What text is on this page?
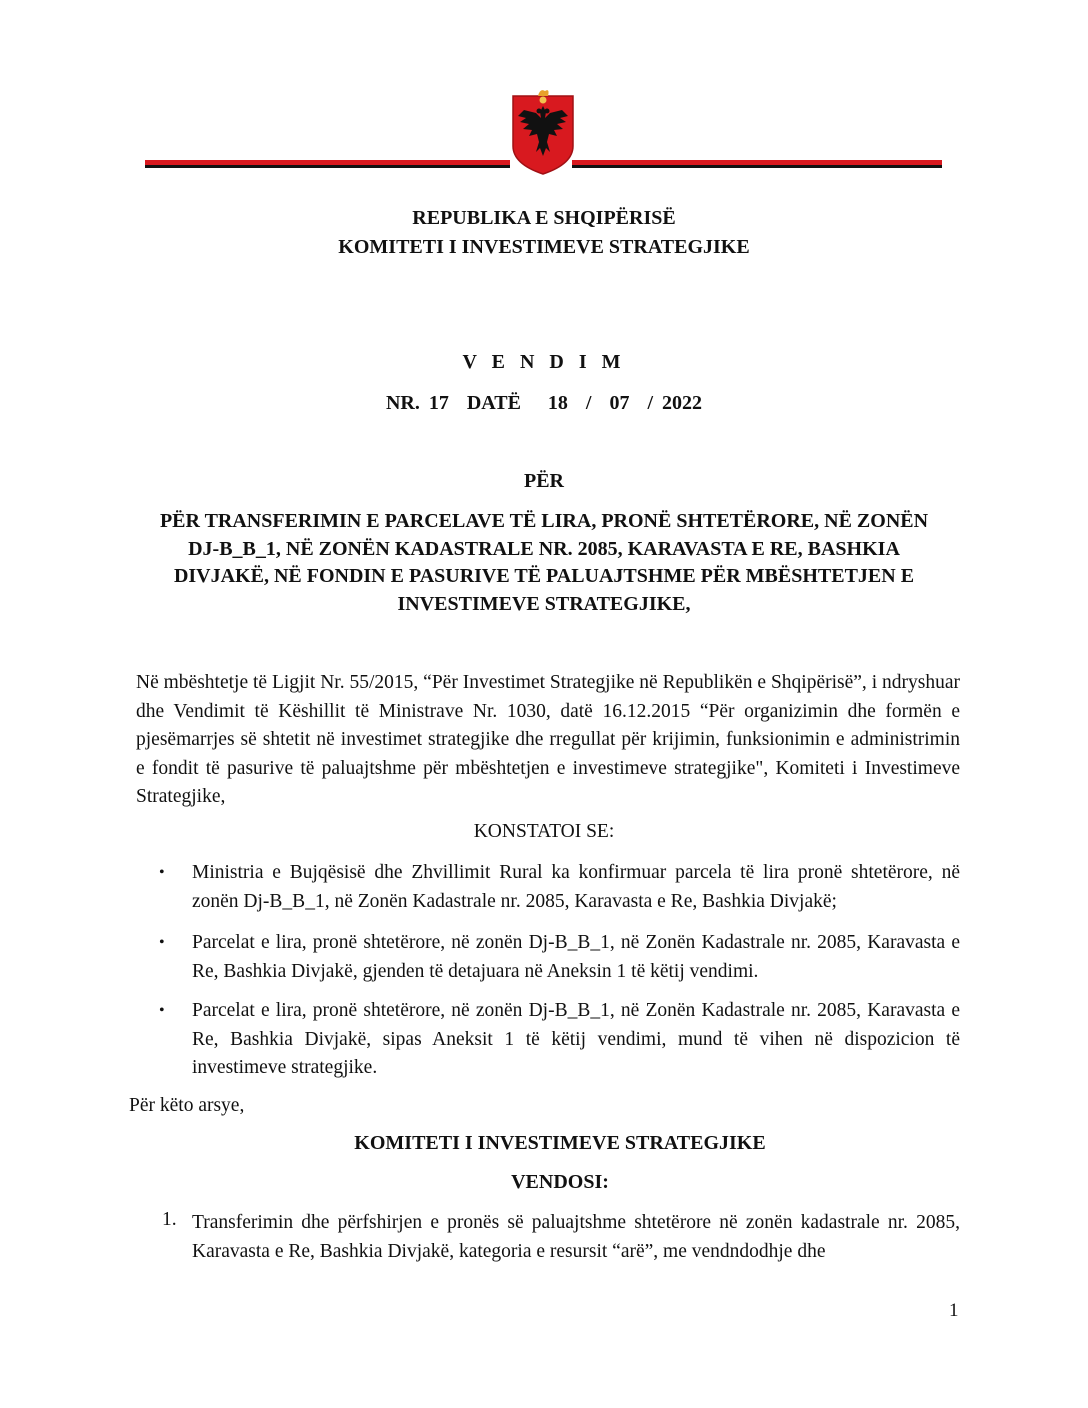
REPUBLIKA E SHQIPËRISË
KOMITETI I INVESTIMEVE STRATEGJIKE
V E N D I M
NR. 17  DATË   18  /  07  / 2022
PËR
PËR TRANSFERIMIN E PARCELAVE TË LIRA, PRONË SHTETËRORE, NË ZONËN DJ-B_B_1, NË ZONËN KADASTRALE NR. 2085, KARAVASTA E RE, BASHKIA DIVJAKË, NË FONDIN E PASURIVE TË PALUAJTSHME PËR MBËSHTETJEN E INVESTIMEVE STRATEGJIKE,
Në mbështetje të Ligjit Nr. 55/2015, “Për Investimet Strategjike në Republikën e Shqipërisë”, i ndryshuar dhe Vendimit të Këshillit të Ministrave Nr. 1030, datë 16.12.2015 “Për organizimin dhe formën e pjesëmarrjes së shtetit në investimet strategjike dhe rregullat për krijimin, funksionimin e administrimin e fondit të pasurive të paluajtshme për mbështetjen e investimeve strategjike", Komiteti i Investimeve Strategjike,
KONSTATOI SE:
• Ministria e Bujqësisë dhe Zhvillimit Rural ka konfirmuar parcela të lira pronë shtetërore, në zonën Dj-B_B_1, në Zonën Kadastrale nr. 2085, Karavasta e Re, Bashkia Divjakë;
• Parcelat e lira, pronë shtetërore, në zonën Dj-B_B_1, në Zonën Kadastrale nr. 2085, Karavasta e Re, Bashkia Divjakë, gjenden të detajuara në Aneksin 1 të këtij vendimi.
• Parcelat e lira, pronë shtetërore, në zonën Dj-B_B_1, në Zonën Kadastrale nr. 2085, Karavasta e Re, Bashkia Divjakë, sipas Aneksit 1 të këtij vendimi, mund të vihen në dispozicion të investimeve strategjike.
Për këto arsye,
KOMITETI I INVESTIMEVE STRATEGJIKE
VENDOSI:
1. Transferimin dhe përfshirjen e pronës së paluajtshme shtetërore në zonën kadastrale nr. 2085, Karavasta e Re, Bashkia Divjakë, kategoria e resursit “arë”, me vendndodhje dhe
1
